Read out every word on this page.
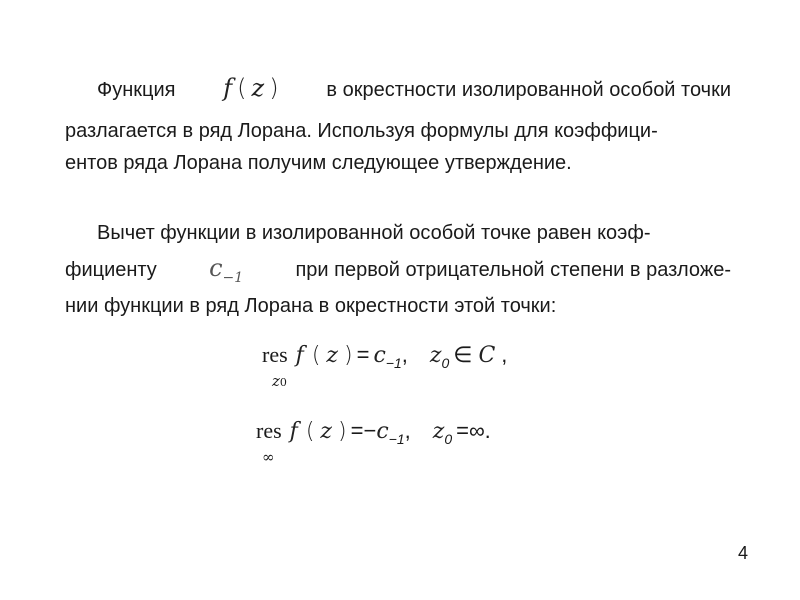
Функция f ( z ) в окрестности изолированной особой точки
разлагается в ряд Лорана. Используя формулы для коэффици-
ентов ряда Лорана получим следующее утверждение.
Вычет функции в изолированной особой точке равен коэф-
фициенту $c_{-1}$	при первой отрицательной степени в разложе-
нии функции в ряд Лорана в окрестности этой точки:
res
z0
f ( z ) = c −1 , z 0 ∈ C ,
res
∞
f ( z ) = − c −1 , z 0 = ∞ .
4
